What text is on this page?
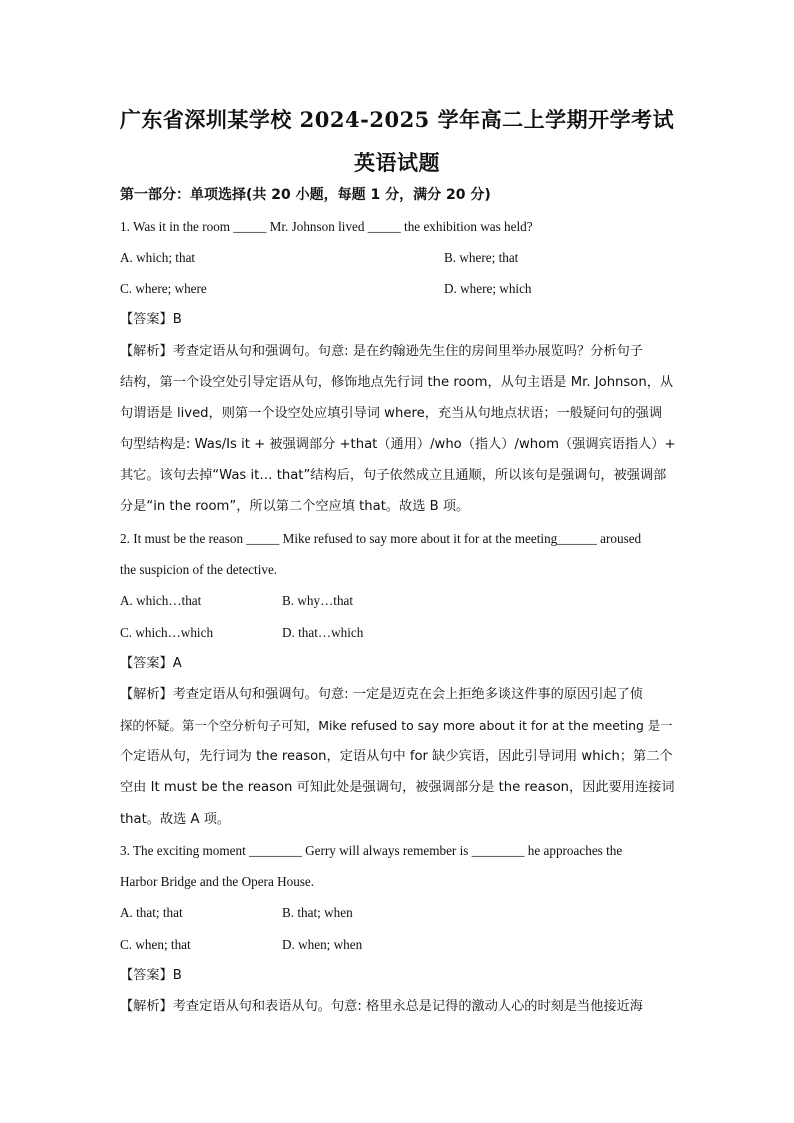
广东省深圳某学校 2024-2025 学年高二上学期开学考试
英语试题
第一部分：单项选择(共 20 小题，每题 1 分，满分 20 分)
1. Was it in the room _____ Mr. Johnson lived _____ the exhibition was held?
A. which; that	B. where; that
C. where; where	D. where; which
【答案】B
【解析】考查定语从句和强调句。句意: 是在约翰逊先生住的房间里举办展览吗？分析句子
结构，第一个设空处引导定语从句，修饰地点先行词 the room，从句主语是 Mr. Johnson，从
句谓语是 lived，则第一个设空处应填引导词 where，充当从句地点状语；一般疑问句的强调
句型结构是: Was/Is it + 被强调部分 +that（通用）/who（指人）/whom（强调宾语指人）+
其它。该句去掉“Was it… that”结构后，句子依然成立且通顺，所以该句是强调句，被强调部
分是“in the room”，所以第二个空应填 that。故选 B 项。
2. It must be the reason _____ Mike refused to say more about it for at the meeting______ aroused
the suspicion of the detective.
A. which…that	B. why…that
C. which…which	D. that…which
【答案】A
【解析】考查定语从句和强调句。句意: 一定是迈克在会上拒绝多谈这件事的原因引起了侦
探的怀疑。第一个空分析句子可知，Mike refused to say more about it for at the meeting 是一
个定语从句，先行词为 the reason，定语从句中 for 缺少宾语，因此引导词用 which；第二个
空由 It must be the reason 可知此处是强调句，被强调部分是 the reason，因此要用连接词
that。故选 A 项。
3. The exciting moment ________ Gerry will always remember is ________ he approaches the
Harbor Bridge and the Opera House.
A. that; that	B. that; when
C. when; that	D. when; when
【答案】B
【解析】考查定语从句和表语从句。句意: 格里永总是记得的激动人心的时刻是当他接近海
